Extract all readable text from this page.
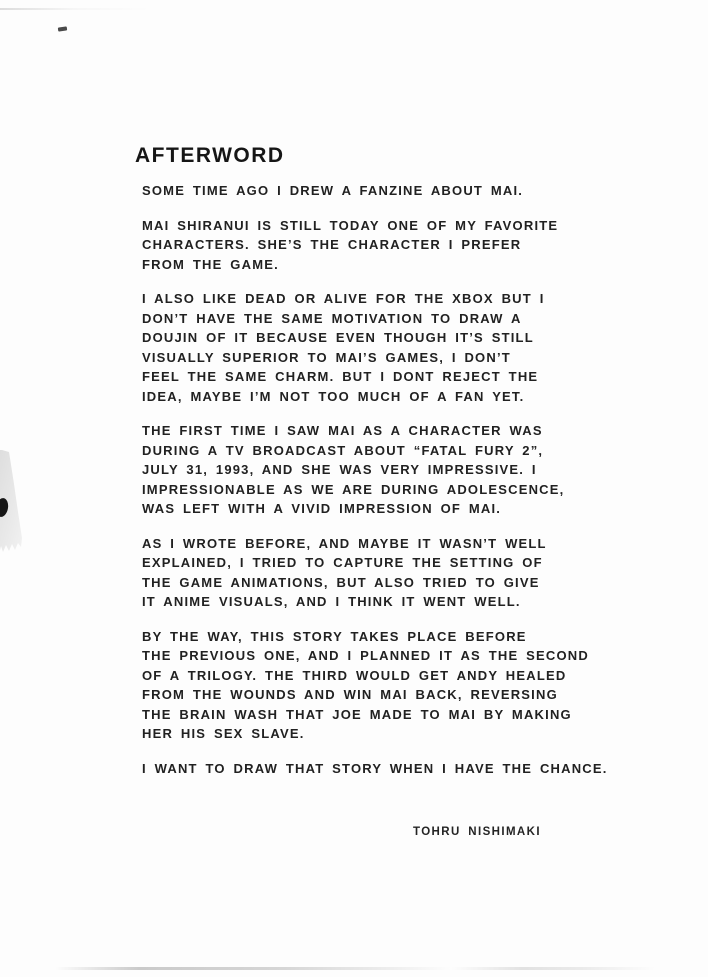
AFTERWORD
SOME TIME AGO I DREW A FANZINE ABOUT MAI.
MAI SHIRANUI IS STILL TODAY ONE OF MY FAVORITE
CHARACTERS. SHE’S THE CHARACTER I PREFER
FROM THE GAME.
I ALSO LIKE DEAD OR ALIVE FOR THE XBOX BUT I
DON’T HAVE THE SAME MOTIVATION TO DRAW A
DOUJIN OF IT BECAUSE EVEN THOUGH IT’S STILL
VISUALLY SUPERIOR TO MAI’S GAMES, I DON’T
FEEL THE SAME CHARM. BUT I DONT REJECT THE
IDEA, MAYBE I’M NOT TOO MUCH OF A FAN YET.
THE FIRST TIME I SAW MAI AS A CHARACTER WAS
DURING A TV BROADCAST ABOUT “FATAL FURY 2”,
JULY 31, 1993, AND SHE WAS VERY IMPRESSIVE. I
IMPRESSIONABLE AS WE ARE DURING ADOLESCENCE,
WAS LEFT WITH A VIVID IMPRESSION OF MAI.
AS I WROTE BEFORE, AND MAYBE IT WASN’T WELL
EXPLAINED, I TRIED TO CAPTURE THE SETTING OF
THE GAME ANIMATIONS, BUT ALSO TRIED TO GIVE
IT ANIME VISUALS, AND I THINK IT WENT WELL.
BY THE WAY, THIS STORY TAKES PLACE BEFORE
THE PREVIOUS ONE, AND I PLANNED IT AS THE SECOND
OF A TRILOGY. THE THIRD WOULD GET ANDY HEALED
FROM THE WOUNDS AND WIN MAI BACK, REVERSING
THE BRAIN WASH THAT JOE MADE TO MAI BY MAKING
HER HIS SEX SLAVE.
I WANT TO DRAW THAT STORY WHEN I HAVE THE CHANCE.
TOHRU NISHIMAKI
